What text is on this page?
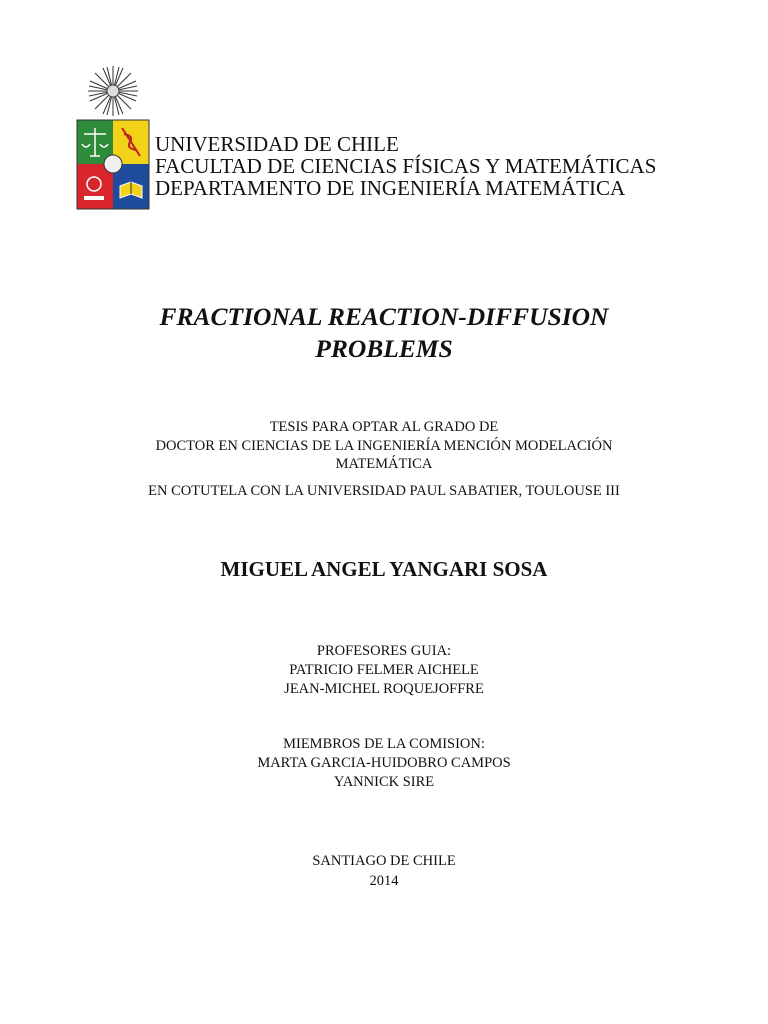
UNIVERSIDAD DE CHILE
FACULTAD DE CIENCIAS FÍSICAS Y MATEMÁTICAS
DEPARTAMENTO DE INGENIERÍA MATEMÁTICA
FRACTIONAL REACTION-DIFFUSION
PROBLEMS
TESIS PARA OPTAR AL GRADO DE
DOCTOR EN CIENCIAS DE LA INGENIERÍA MENCIÓN MODELACIÓN
MATEMÁTICA
EN COTUTELA CON LA UNIVERSIDAD PAUL SABATIER, TOULOUSE III
MIGUEL ANGEL YANGARI SOSA
PROFESORES GUIA:
PATRICIO FELMER AICHELE
JEAN-MICHEL ROQUEJOFFRE
MIEMBROS DE LA COMISION:
MARTA GARCIA-HUIDOBRO CAMPOS
YANNICK SIRE
SANTIAGO DE CHILE
2014
